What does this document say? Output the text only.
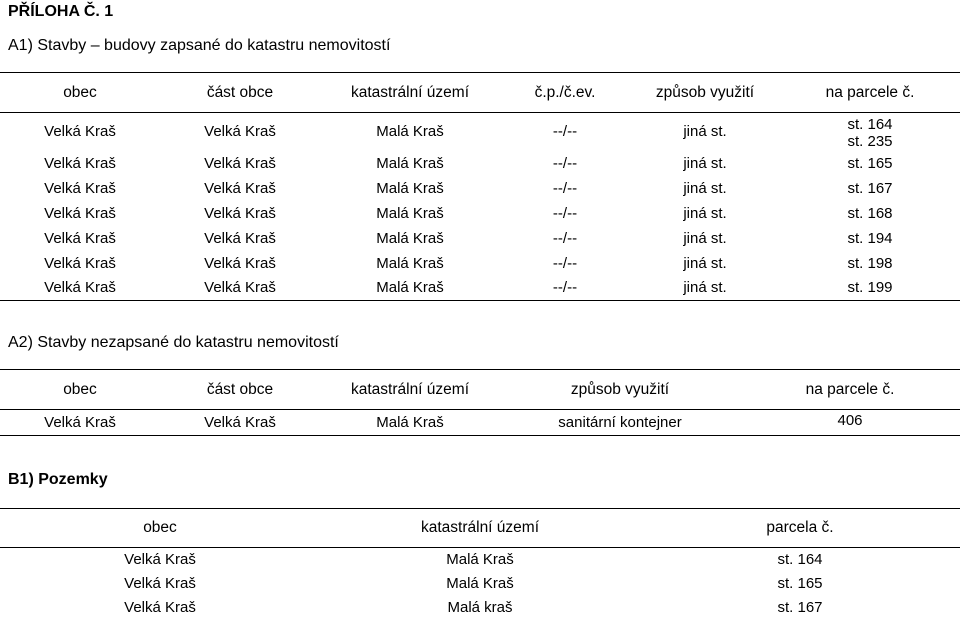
PŘÍLOHA Č. 1
A1) Stavby – budovy zapsané do katastru nemovitostí
obec	část obce	katastrální území	č.p./č.ev.	způsob využití	na parcele č.
Velká Kraš	Velká Kraš	Malá Kraš	--/--	jiná st.	st. 164
st. 235

Velká Kraš	Velká Kraš	Malá Kraš	--/--	jiná st.	st. 165
Velká Kraš	Velká Kraš	Malá Kraš	--/--	jiná st.	st. 167
Velká Kraš	Velká Kraš	Malá Kraš	--/--	jiná st.	st. 168
Velká Kraš	Velká Kraš	Malá Kraš	--/--	jiná st.	st. 194
Velká Kraš	Velká Kraš	Malá Kraš	--/--	jiná st.	st. 198
Velká Kraš	Velká Kraš	Malá Kraš	--/--	jiná st.	st. 199
A2) Stavby nezapsané do katastru nemovitostí
obec	část obce	katastrální území	způsob využití	na parcele č.
Velká Kraš	Velká Kraš	Malá Kraš	sanitární kontejner	406
B1) Pozemky
obec	katastrální území	parcela č.
Velká Kraš	Malá Kraš	st. 164
Velká Kraš	Malá Kraš	st. 165
Velká Kraš	Malá kraš	st. 167
